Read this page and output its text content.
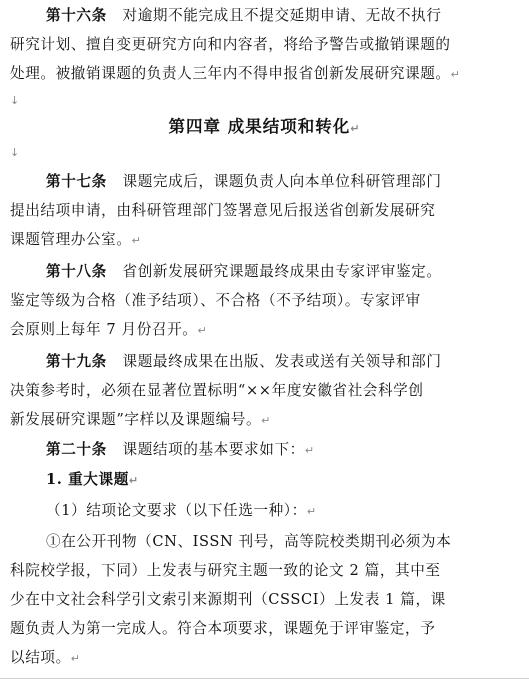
第十六条 对逾期不能完成且不提交延期申请、无故不执行
研究计划、擅自变更研究方向和内容者，将给予警告或撤销课题的
处理。被撤销课题的负责人三年内不得申报省创新发展研究课题。↵
↓
第四章 成果结项和转化↵
↓
第十七条 课题完成后，课题负责人向本单位科研管理部门
提出结项申请，由科研管理部门签署意见后报送省创新发展研究
课题管理办公室。↵
第十八条 省创新发展研究课题最终成果由专家评审鉴定。
鉴定等级为合格（准予结项）、不合格（不予结项）。专家评审
会原则上每年 7 月份召开。↵
第十九条 课题最终成果在出版、发表或送有关领导和部门
决策参考时，必须在显著位置标明“××年度安徽省社会科学创
新发展研究课题”字样以及课题编号。↵
第二十条 课题结项的基本要求如下：↵
1. 重大课题↵
（1）结项论文要求（以下任选一种）：↵
①在公开刊物（CN、ISSN 刊号，高等院校类期刊必须为本
科院校学报，下同）上发表与研究主题一致的论文 2 篇，其中至
少在中文社会科学引文索引来源期刊（CSSCI）上发表 1 篇，课
题负责人为第一完成人。符合本项要求，课题免于评审鉴定，予
以结项。↵
